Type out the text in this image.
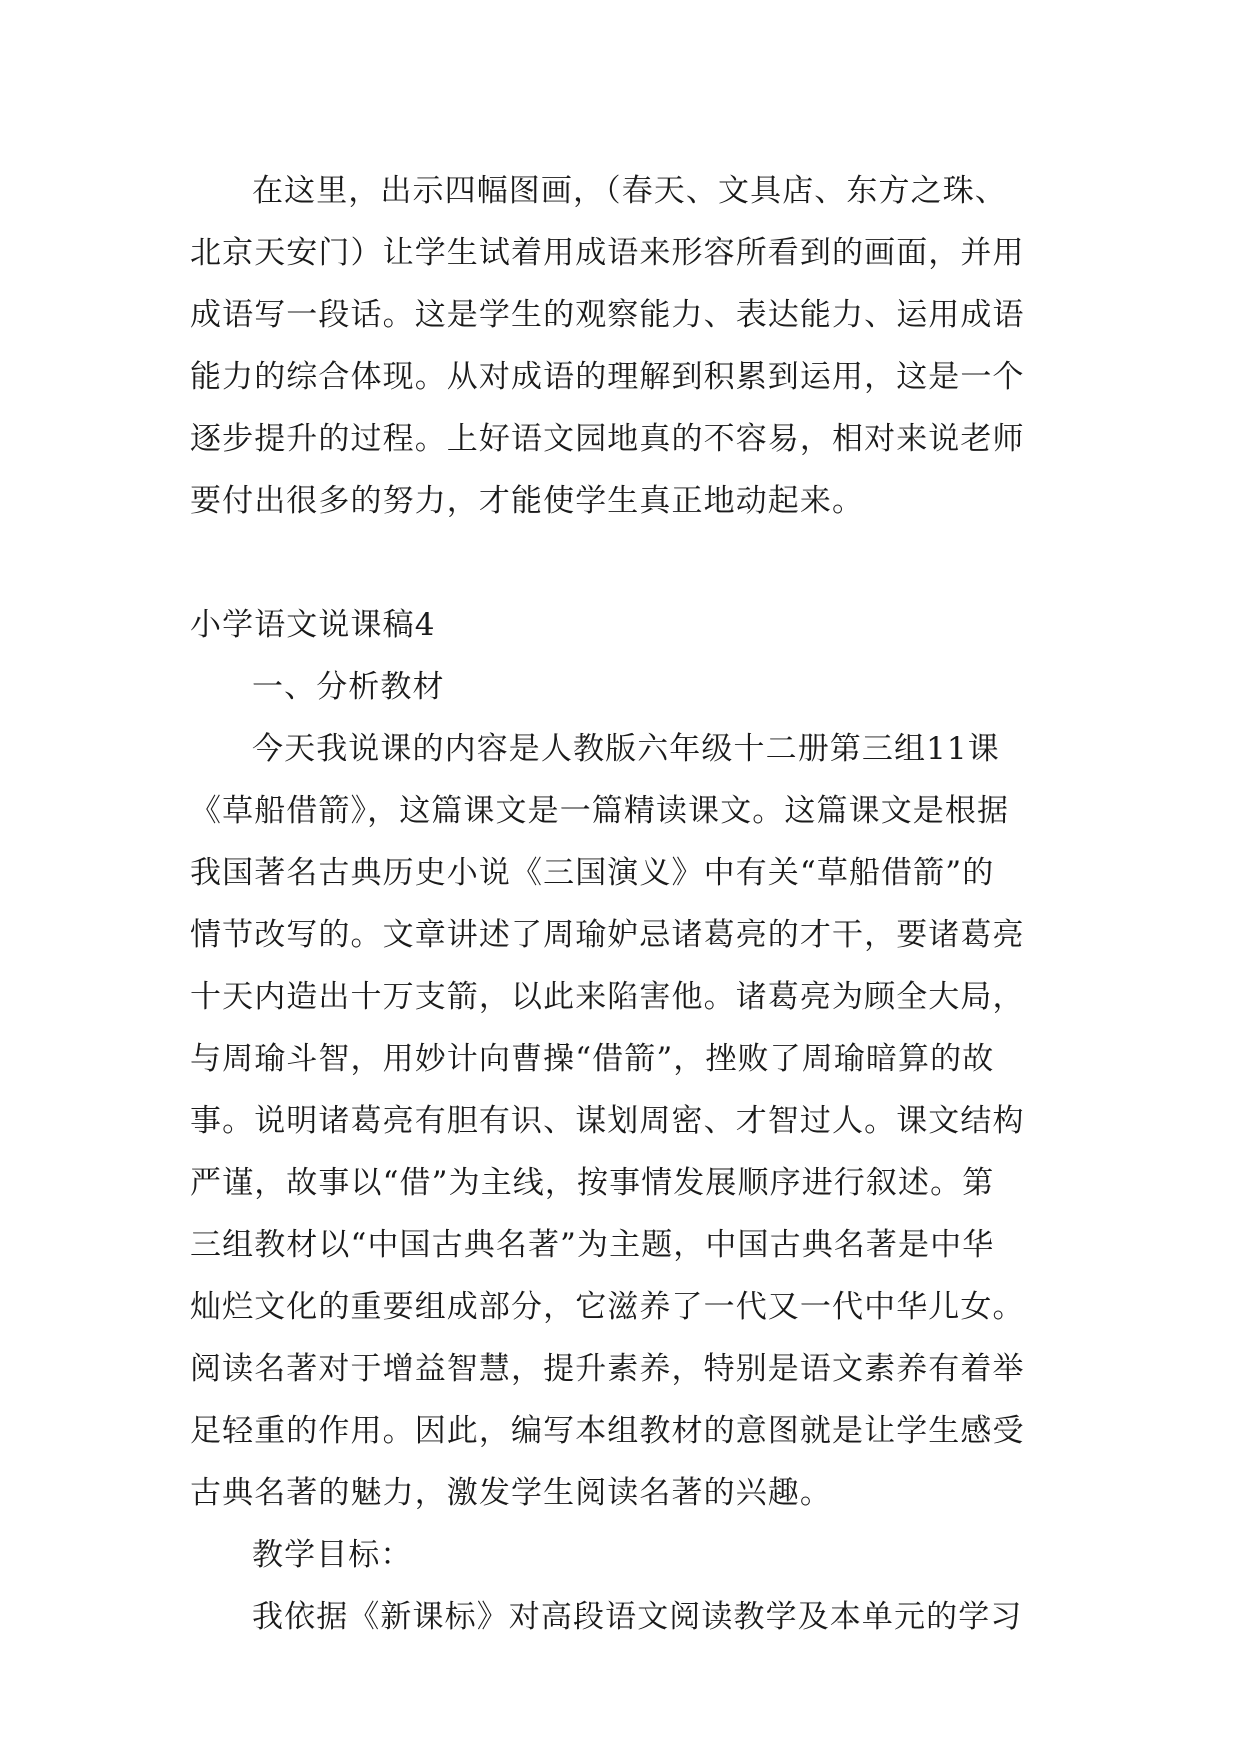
在这里，出示四幅图画，（春天、文具店、东方之珠、
北京天安门）让学生试着用成语来形容所看到的画面，并用
成语写一段话。这是学生的观察能力、表达能力、运用成语
能力的综合体现。从对成语的理解到积累到运用，这是一个
逐步提升的过程。上好语文园地真的不容易，相对来说老师
要付出很多的努力，才能使学生真正地动起来。
小学语文说课稿4
一、分析教材
今天我说课的内容是人教版六年级十二册第三组11课
《草船借箭》，这篇课文是一篇精读课文。这篇课文是根据
我国著名古典历史小说《三国演义》中有关“草船借箭”的
情节改写的。文章讲述了周瑜妒忌诸葛亮的才干，要诸葛亮
十天内造出十万支箭，以此来陷害他。诸葛亮为顾全大局，
与周瑜斗智，用妙计向曹操“借箭”，挫败了周瑜暗算的故
事。说明诸葛亮有胆有识、谋划周密、才智过人。课文结构
严谨，故事以“借”为主线，按事情发展顺序进行叙述。第
三组教材以“中国古典名著”为主题，中国古典名著是中华
灿烂文化的重要组成部分，它滋养了一代又一代中华儿女。
阅读名著对于增益智慧，提升素养，特别是语文素养有着举
足轻重的作用。因此，编写本组教材的意图就是让学生感受
古典名著的魅力，激发学生阅读名著的兴趣。
教学目标：
我依据《新课标》对高段语文阅读教学及本单元的学习
